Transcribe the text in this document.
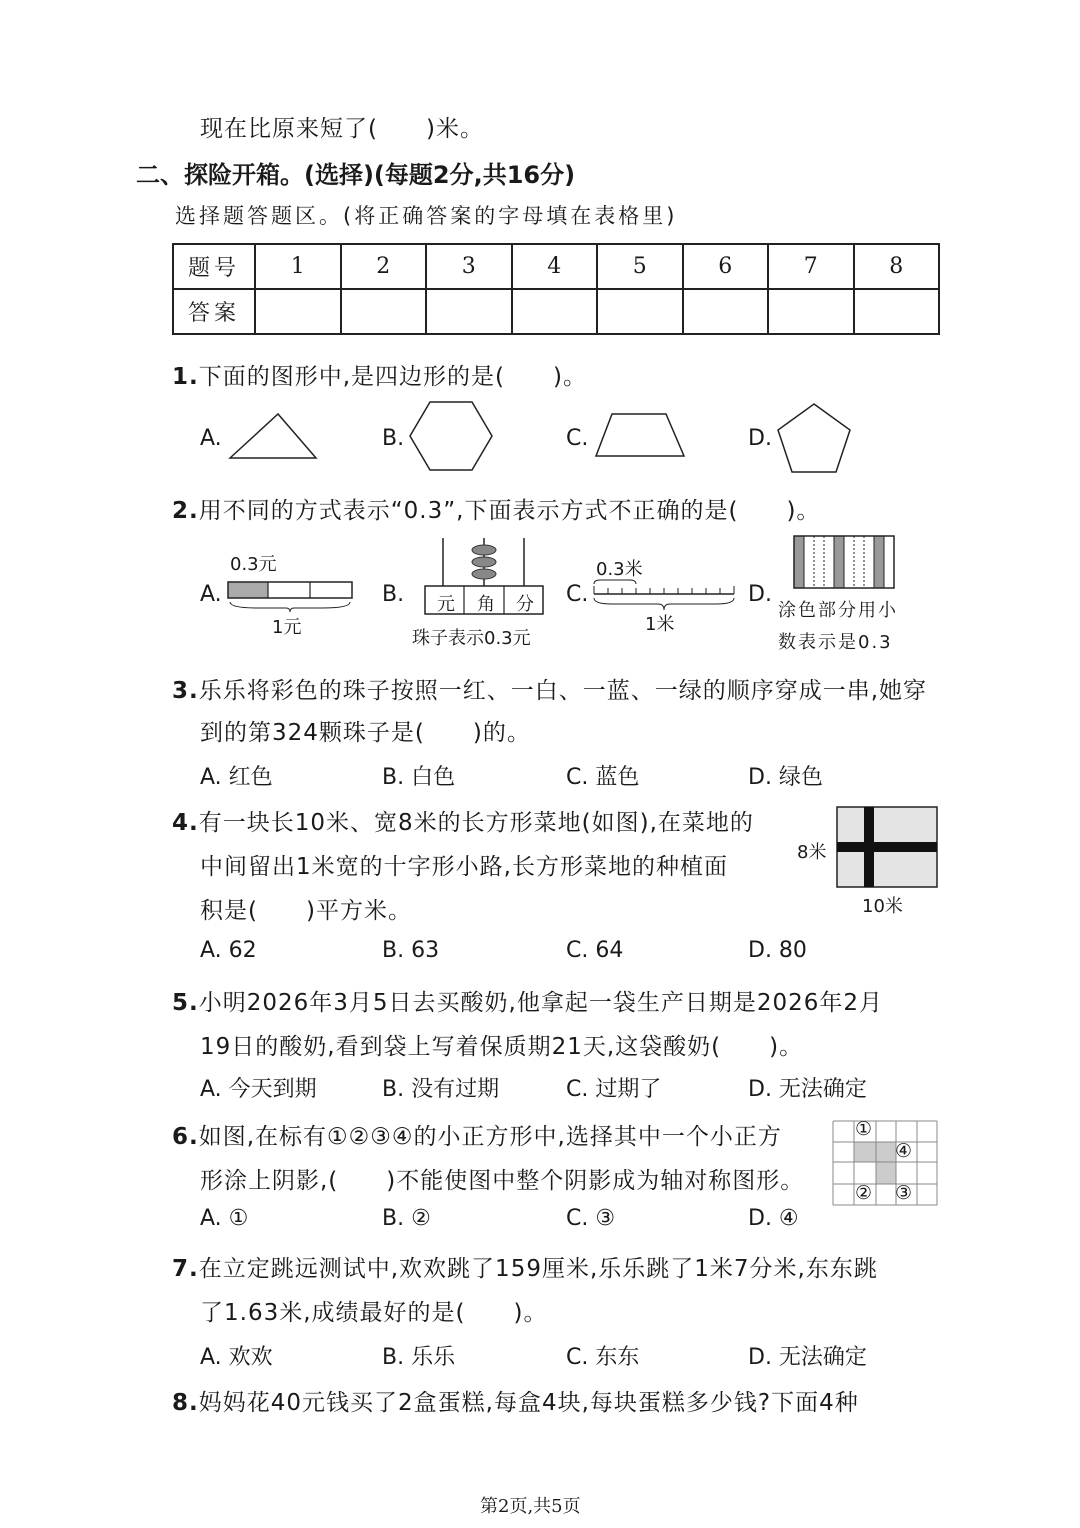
现在比原来短了(　　)米。
二、探险开箱。(选择)(每题2分,共16分)
选择题答题区。(将正确答案的字母填在表格里)
题号	1	2	3	4	5	6	7	8
答案								
1.下面的图形中,是四边形的是(　　)。
A.	B.	C.	D.
2.用不同的方式表示“0.3”,下面表示方式不正确的是(　　)。
A.
0.3元
1元
B. 元 角 分
珠子表示0.3元
C.
0.3米
1米
D.
涂色部分用小
数表示是0.3
3.乐乐将彩色的珠子按照一红、一白、一蓝、一绿的顺序穿成一串,她穿
到的第324颗珠子是(　　)的。
A. 红色	B. 白色	C. 蓝色	D. 绿色
4.有一块长10米、宽8米的长方形菜地(如图),在菜地的
中间留出1米宽的十字形小路,长方形菜地的种植面
积是(　　)平方米。
8米
10米
A. 62	B. 63	C. 64	D. 80
5.小明2026年3月5日去买酸奶,他拿起一袋生产日期是2026年2月
19日的酸奶,看到袋上写着保质期21天,这袋酸奶(　　)。
A. 今天到期	B. 没有过期	C. 过期了	D. 无法确定
6.如图,在标有①②③④的小正方形中,选择其中一个小正方
形涂上阴影,(　　)不能使图中整个阴影成为轴对称图形。
①
④
② ③
A. ①	B. ②	C. ③	D. ④
7.在立定跳远测试中,欢欢跳了159厘米,乐乐跳了1米7分米,东东跳
了1.63米,成绩最好的是(　　)。
A. 欢欢	B. 乐乐	C. 东东	D. 无法确定
8.妈妈花40元钱买了2盒蛋糕,每盒4块,每块蛋糕多少钱?下面4种
第2页,共5页
